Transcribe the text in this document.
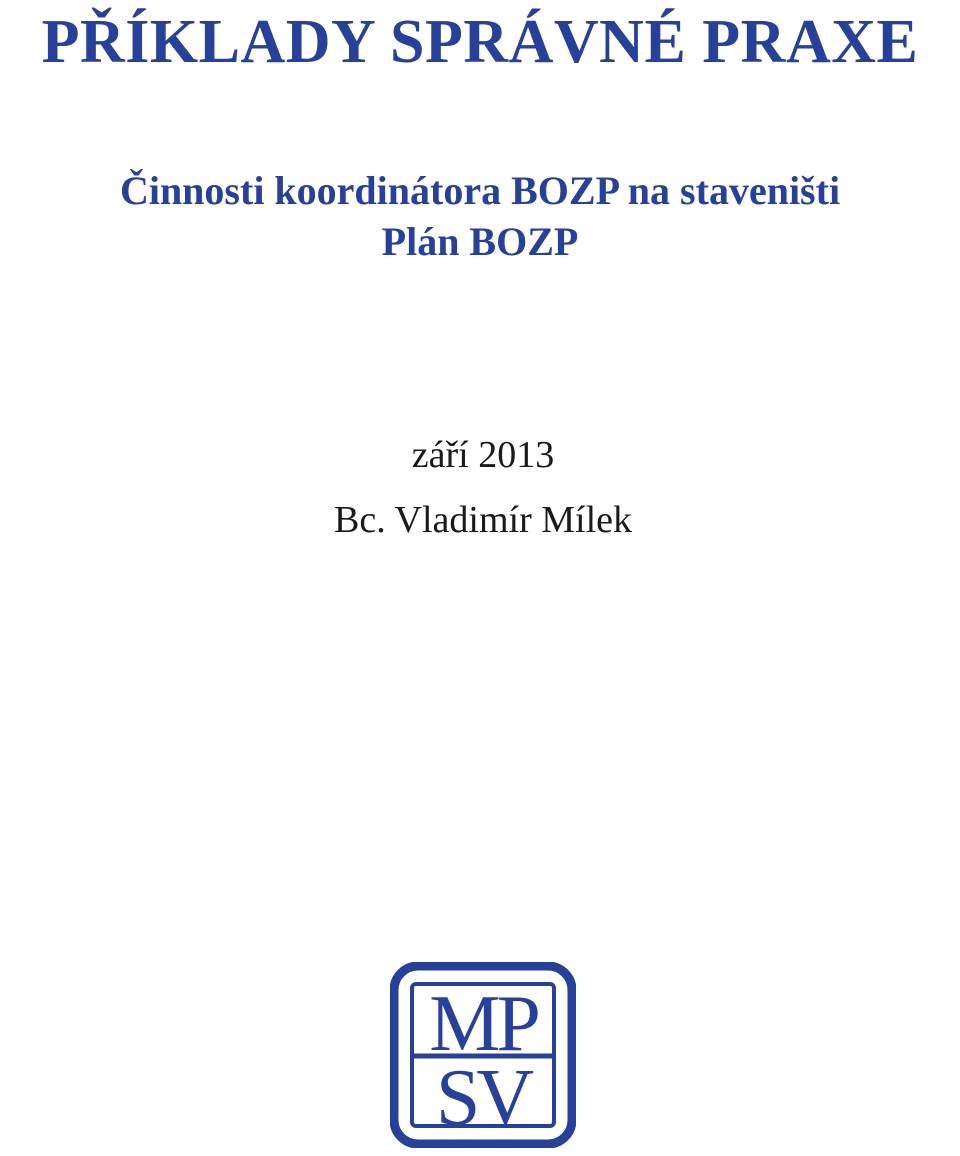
PŘÍKLADY SPRÁVNÉ PRAXE
Činnosti koordinátora BOZP na staveništi
Plán BOZP
září 2013
Bc. Vladimír Mílek
MP
SV
